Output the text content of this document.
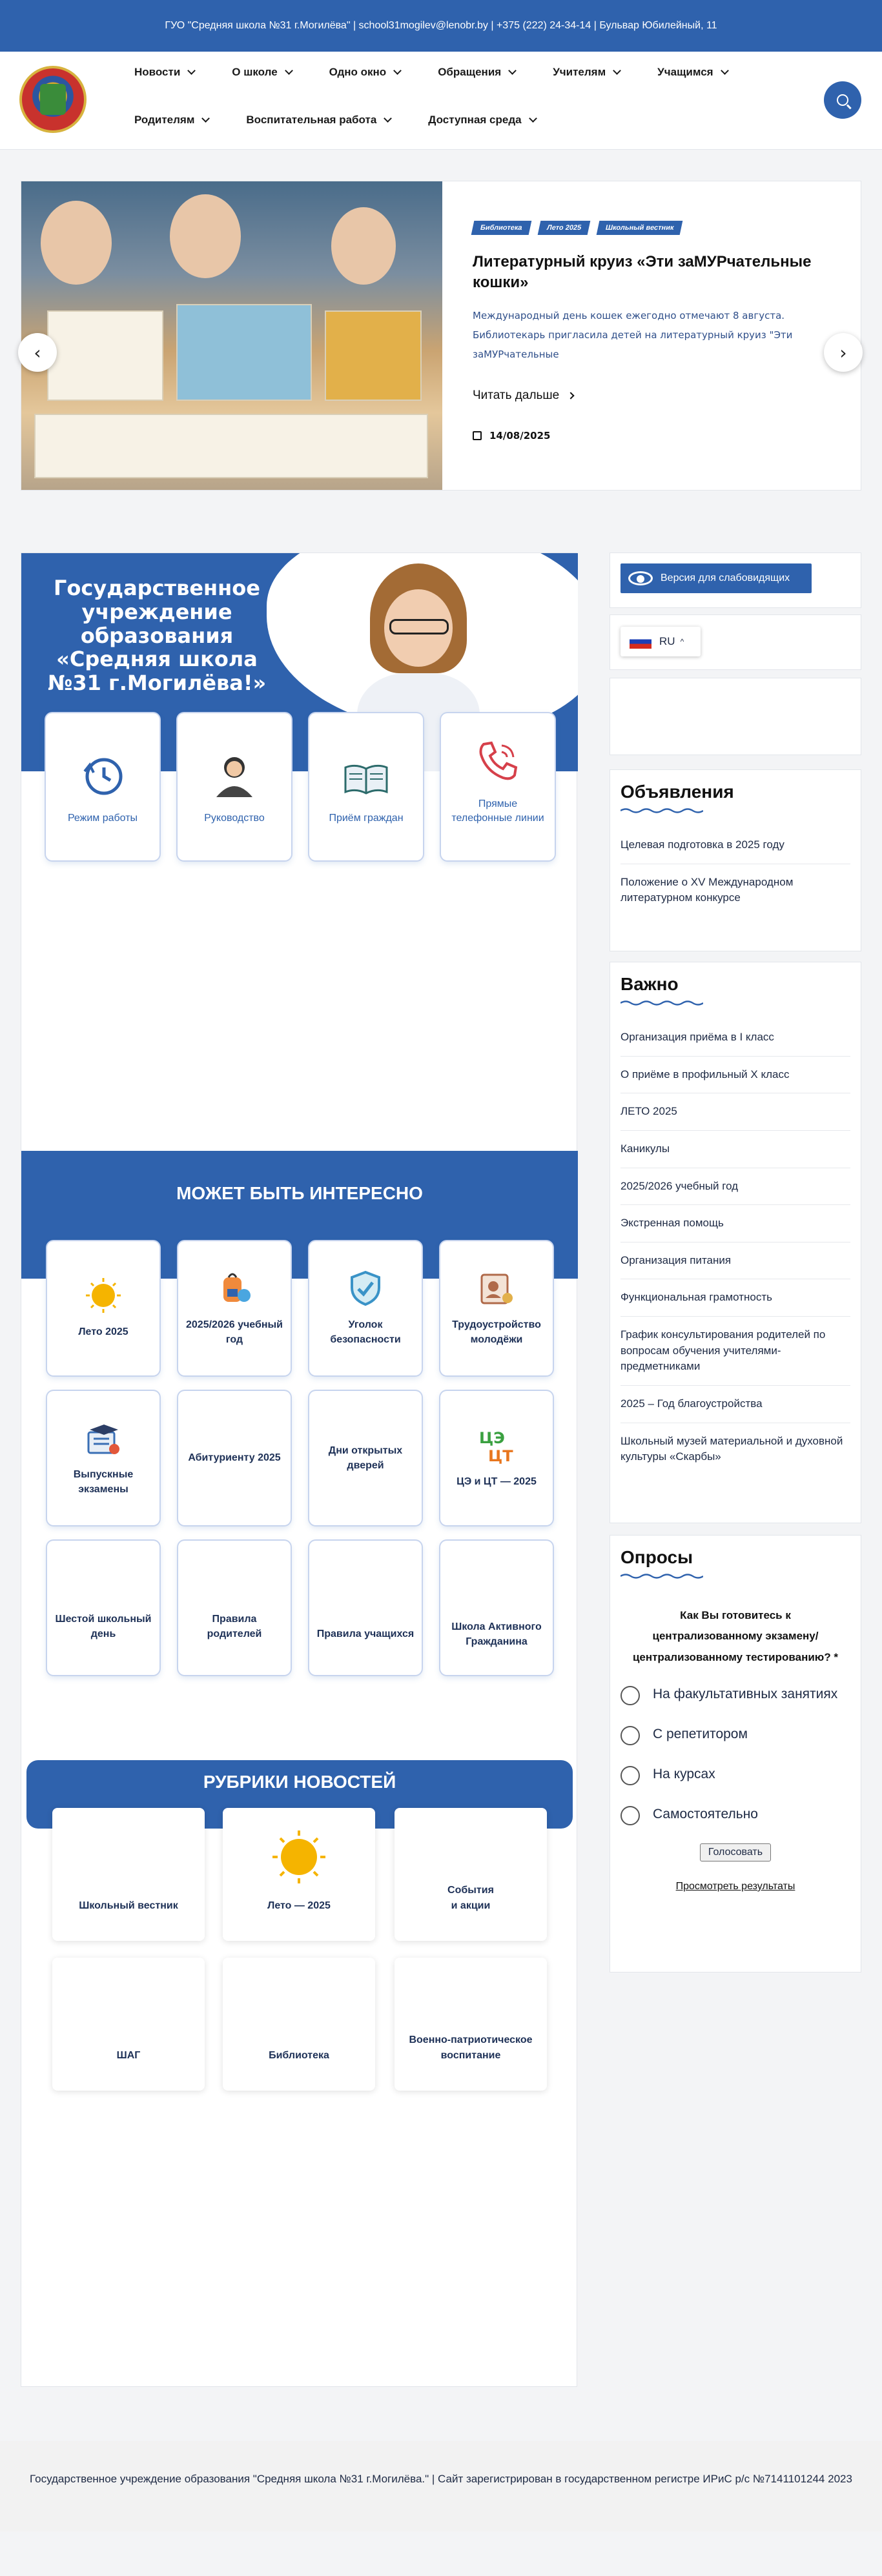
ГУО "Средняя школа №31 г.Могилёва" | school31mogilev@lenobr.by | +375 (222) 24-34-14 | Бульвар Юбилейный, 11
Новости	О школе	Одно окно	Обращения	Учителям	Учащимся
Родителям	Воспитательная работа	Доступная среда
‹	›
Библиотека	Лето 2025	Школьный вестник
Литературный круиз «Эти заМУРчательные кошки»
Международный день кошек ежегодно отмечают 8 августа. Библиотекарь пригласила детей на литературный круиз "Эти заМУРчательные
Читать дальше
14/08/2025
Государственное учреждение образования «Средняя школа №31 г.Могилёва!»
Режим работы	Руководство	Приём граждан
Прямые телефонные линии
МОЖЕТ БЫТЬ ИНТЕРЕСНО
Лето 2025
2025/2026 учебный год
Уголок безопасности
Трудоустройство молодёжи
Выпускные экзамены
Абитуриенту 2025
Дни открытых дверей
ЦЭ
ЦТ
ЦЭ и ЦТ — 2025
Шестой школьный день
Правила родителей	Правила учащихся
Школа Активного Гражданина
РУБРИКИ НОВОСТЕЙ
Школьный вестник	Лето — 2025
События и акции
ШАГ	Библиотека
Военно-патриотическое воспитание
Версия для слабовидящих
RU ^
Объявления
Целевая подготовка в 2025 году
Положение о XV Международном литературном конкурсе
Важно
Организация приёма в I класс
О приёме в профильный X класс
ЛЕТО 2025
Каникулы
2025/2026 учебный год
Экстренная помощь
Организация питания
Функциональная грамотность
График консультирования родителей по вопросам обучения учителями-предметниками
2025 – Год благоустройства
Школьный музей материальной и духовной культуры «Скарбы»
Опросы
Как Вы готовитесь к централизованному экзамену/централизованному тестированию? *
На факультативных занятиях
С репетитором
На курсах
Самостоятельно
Голосовать
Просмотреть результаты
Государственное учреждение образования "Средняя школа №31 г.Могилёва." | Сайт зарегистрирован в государственном регистре ИРиС р/с №7141101244 2023
